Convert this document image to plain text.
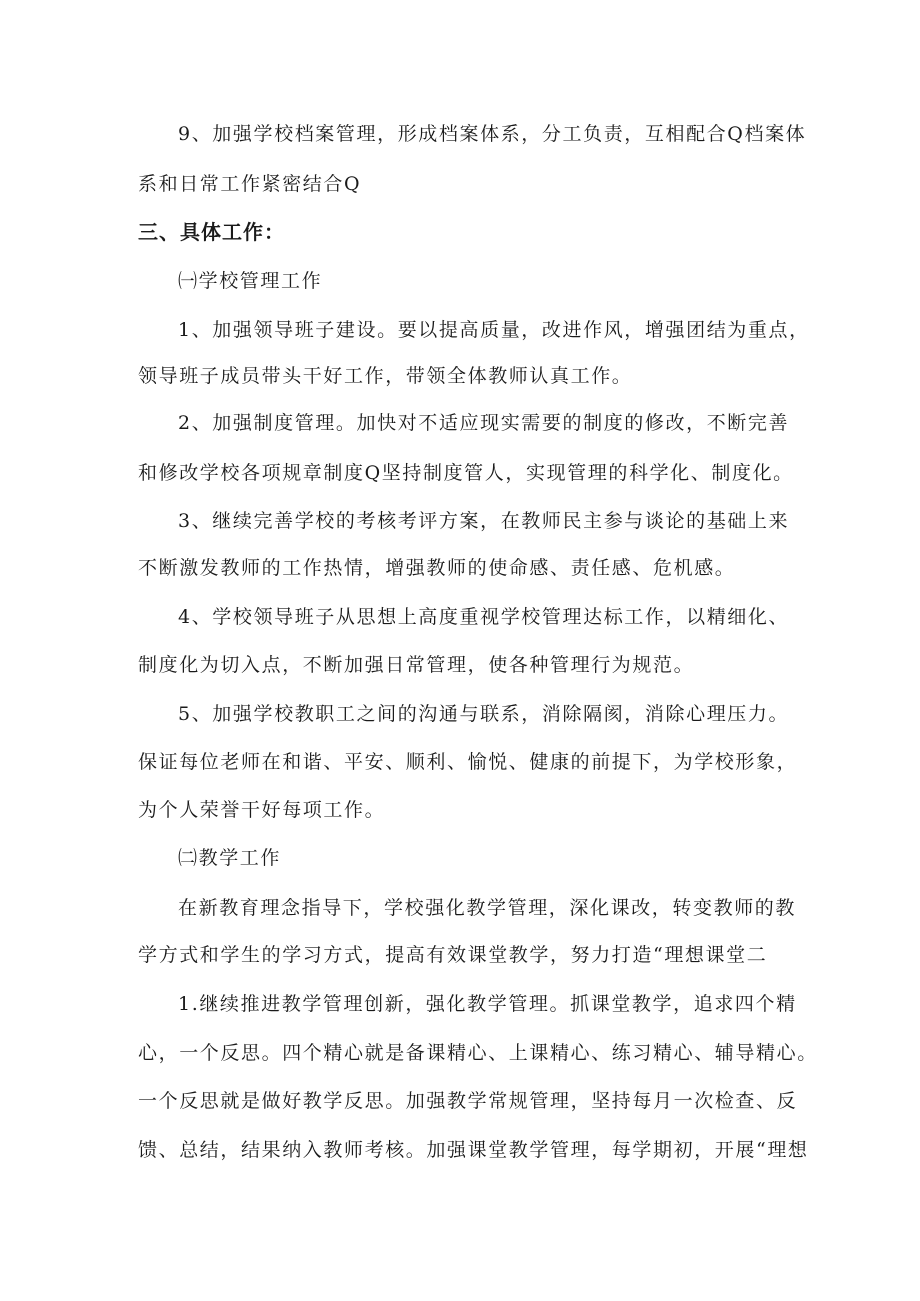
9、加强学校档案管理，形成档案体系，分工负责，互相配合Q档案体
系和日常工作紧密结合Q
三、具体工作：
㈠学校管理工作
1、加强领导班子建设。要以提高质量，改进作风，增强团结为重点，
领导班子成员带头干好工作，带领全体教师认真工作。
2、加强制度管理。加快对不适应现实需要的制度的修改，不断完善
和修改学校各项规章制度Q坚持制度管人，实现管理的科学化、制度化。
3、继续完善学校的考核考评方案，在教师民主参与谈论的基础上来
不断激发教师的工作热情，增强教师的使命感、责任感、危机感。
4、学校领导班子从思想上高度重视学校管理达标工作，以精细化、
制度化为切入点，不断加强日常管理，使各种管理行为规范。
5、加强学校教职工之间的沟通与联系，消除隔阂，消除心理压力。
保证每位老师在和谐、平安、顺利、愉悦、健康的前提下，为学校形象，
为个人荣誉干好每项工作。
㈡教学工作
在新教育理念指导下，学校强化教学管理，深化课改，转变教师的教
学方式和学生的学习方式，提高有效课堂教学，努力打造“理想课堂二
1.继续推进教学管理创新，强化教学管理。抓课堂教学，追求四个精
心，一个反思。四个精心就是备课精心、上课精心、练习精心、辅导精心。
一个反思就是做好教学反思。加强教学常规管理，坚持每月一次检查、反
馈、总结，结果纳入教师考核。加强课堂教学管理，每学期初，开展“理想
